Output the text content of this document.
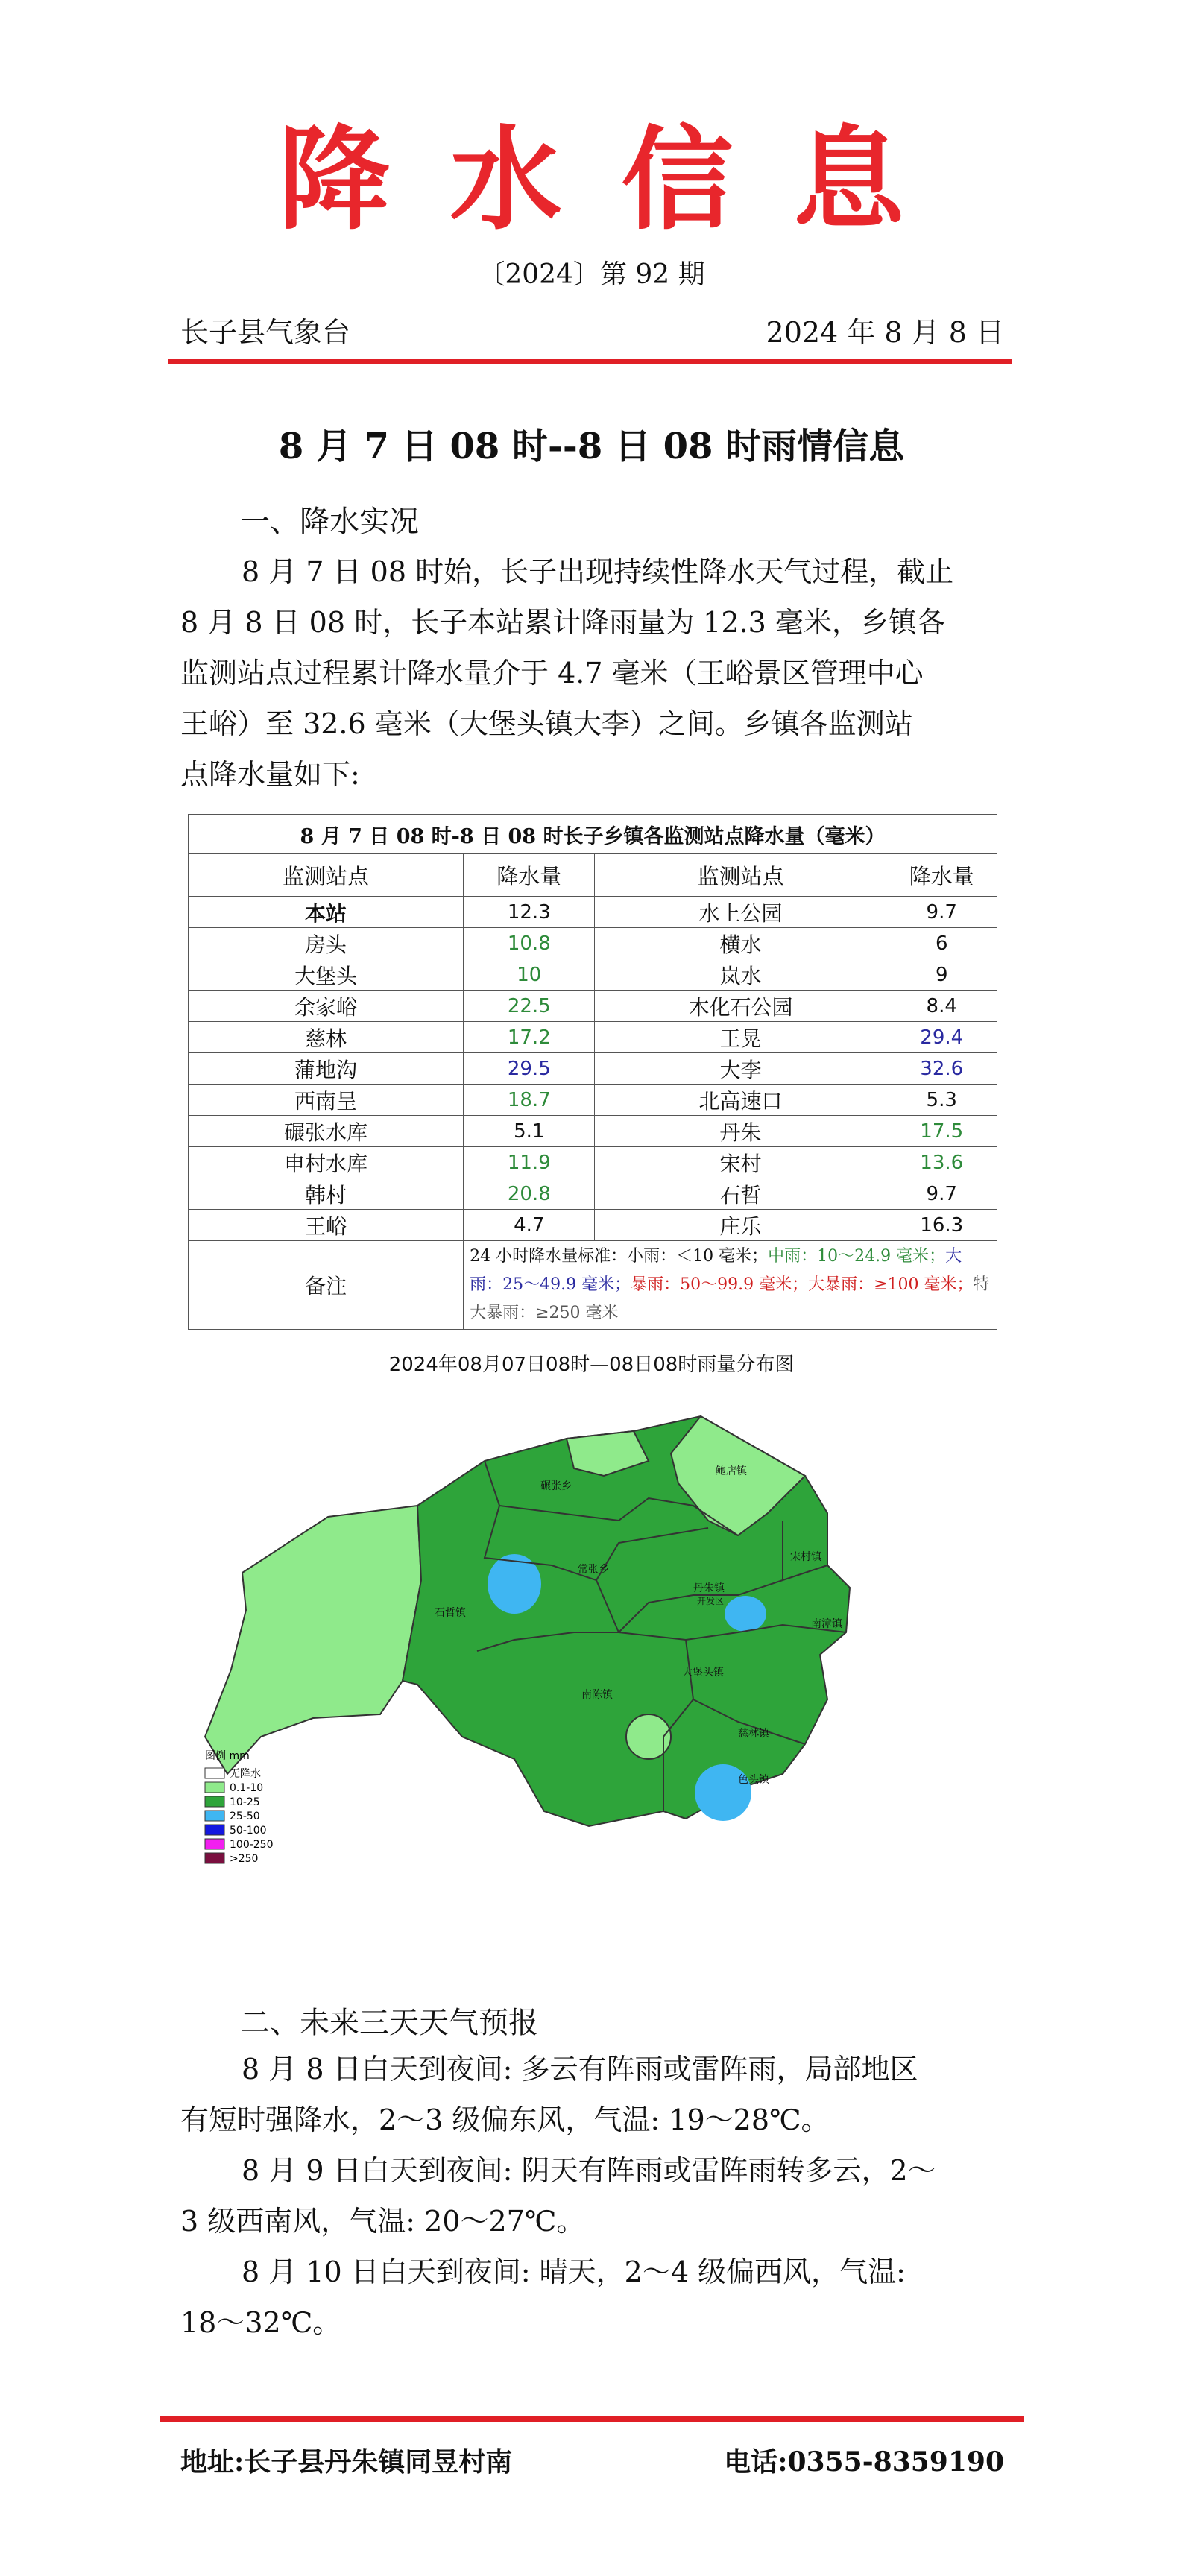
降 水 信 息
〔2024〕第 92 期
长子县气象台	2024 年 8 月 8 日
8 月 7 日 08 时--8 日 08 时雨情信息
一、降水实况
8 月 7 日 08 时始，长子出现持续性降水天气过程，截止
8 月 8 日 08 时，长子本站累计降雨量为 12.3 毫米，乡镇各
监测站点过程累计降水量介于 4.7 毫米（王峪景区管理中心
王峪）至 32.6 毫米（大堡头镇大李）之间。乡镇各监测站
点降水量如下:
8 月 7 日 08 时-8 日 08 时长子乡镇各监测站点降水量（毫米）			
监测站点	降水量	监测站点	降水量
本站	12.3	水上公园	9.7
房头	10.8	横水	6
大堡头	10	岚水	9
余家峪	22.5	木化石公园	8.4
慈林	17.2	王晃	29.4
蒲地沟	29.5	大李	32.6
西南呈	18.7	北高速口	5.3
碾张水库	5.1	丹朱	17.5
申村水库	11.9	宋村	13.6
韩村	20.8	石哲	9.7
王峪	4.7	庄乐	16.3
备注	24 小时降水量标准：小雨：＜10 毫米；中雨：10～24.9 毫米；大雨：25～49.9 毫米；暴雨：50～99.9 毫米；大暴雨：≥100 毫米；特大暴雨：≥250 毫米		
2024年08月07日08时—08日08时雨量分布图
碾张乡
鲍店镇
常张乡
宋村镇
丹朱镇
开发区
石哲镇
南漳镇
大堡头镇
南陈镇
慈林镇
色头镇
图例 mm
无降水
0.1-10
10-25
25-50
50-100
100-250
>250
二、未来三天天气预报
8 月 8 日白天到夜间: 多云有阵雨或雷阵雨，局部地区
有短时强降水，2～3 级偏东风，气温: 19～28℃。
8 月 9 日白天到夜间: 阴天有阵雨或雷阵雨转多云，2～
3 级西南风，气温: 20～27℃。
8 月 10 日白天到夜间: 晴天，2～4 级偏西风，气温:
18～32℃。
地址:长子县丹朱镇同昱村南	电话:0355-8359190
